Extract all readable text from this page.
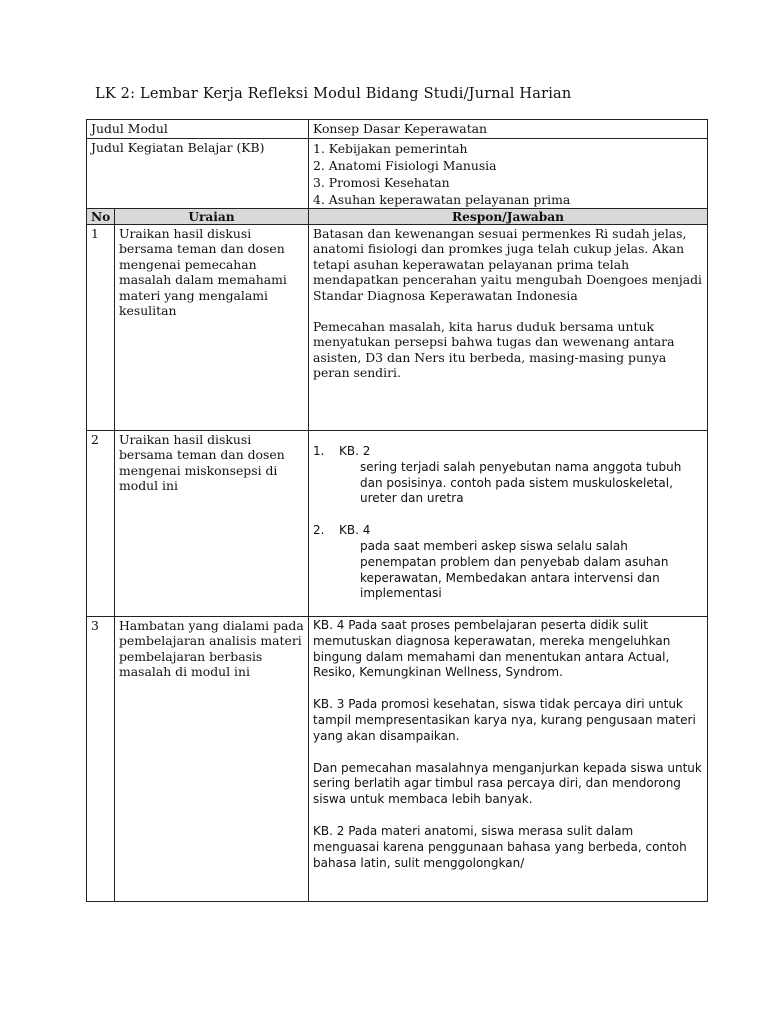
LK 2: Lembar Kerja Refleksi Modul Bidang Studi/Jurnal Harian
Judul Modul		Konsep Dasar Keperawatan
Judul Kegiatan Belajar (KB)		1. Kebijakan pemerintah
2. Anatomi Fisiologi Manusia
3. Promosi Kesehatan
4. Asuhan keperawatan pelayanan prima

No	Uraian	Respon/Jawaban
1	Uraikan hasil diskusi bersama teman dan dosen mengenai pemecahan masalah dalam memahami materi yang mengalami kesulitan	Batasan dan kewenangan sesuai permenkes Ri sudah jelas, anatomi fisiologi dan promkes juga telah cukup jelas. Akan tetapi asuhan keperawatan pelayanan prima telah mendapatkan pencerahan yaitu mengubah Doengoes menjadi Standar Diagnosa Keperawatan Indonesia

Pemecahan masalah, kita harus duduk bersama untuk menyatukan persepsi bahwa tugas dan wewenang antara asisten, D3 dan Ners itu berbeda, masing-masing punya peran sendiri.

2	Uraikan hasil diskusi bersama teman dan dosen mengenai miskonsepsi di modul ini	1. KB. 2

sering terjadi salah penyebutan nama anggota tubuh dan posisinya. contoh pada sistem muskuloskeletal, ureter dan uretra

2. KB. 4

pada saat memberi askep siswa selalu salah penempatan problem dan penyebab dalam asuhan keperawatan, Membedakan antara intervensi dan implementasi

3	Hambatan yang dialami pada pembelajaran analisis materi pembelajaran berbasis masalah di modul ini	KB. 4 Pada saat proses pembelajaran peserta didik sulit memutuskan diagnosa keperawatan, mereka mengeluhkan bingung dalam memahami dan menentukan antara Actual,

Resiko, Kemungkinan Wellness, Syndrom.

KB. 3 Pada promosi kesehatan, siswa tidak percaya diri untuk tampil mempresentasikan karya nya, kurang pengusaan materi yang akan disampaikan.

Dan pemecahan masalahnya menganjurkan kepada siswa untuk sering berlatih agar timbul rasa percaya diri, dan mendorong siswa untuk membaca lebih banyak.

KB. 2 Pada materi anatomi, siswa merasa sulit dalam menguasai karena penggunaan bahasa yang berbeda, contoh bahasa latin, sulit menggolongkan/
